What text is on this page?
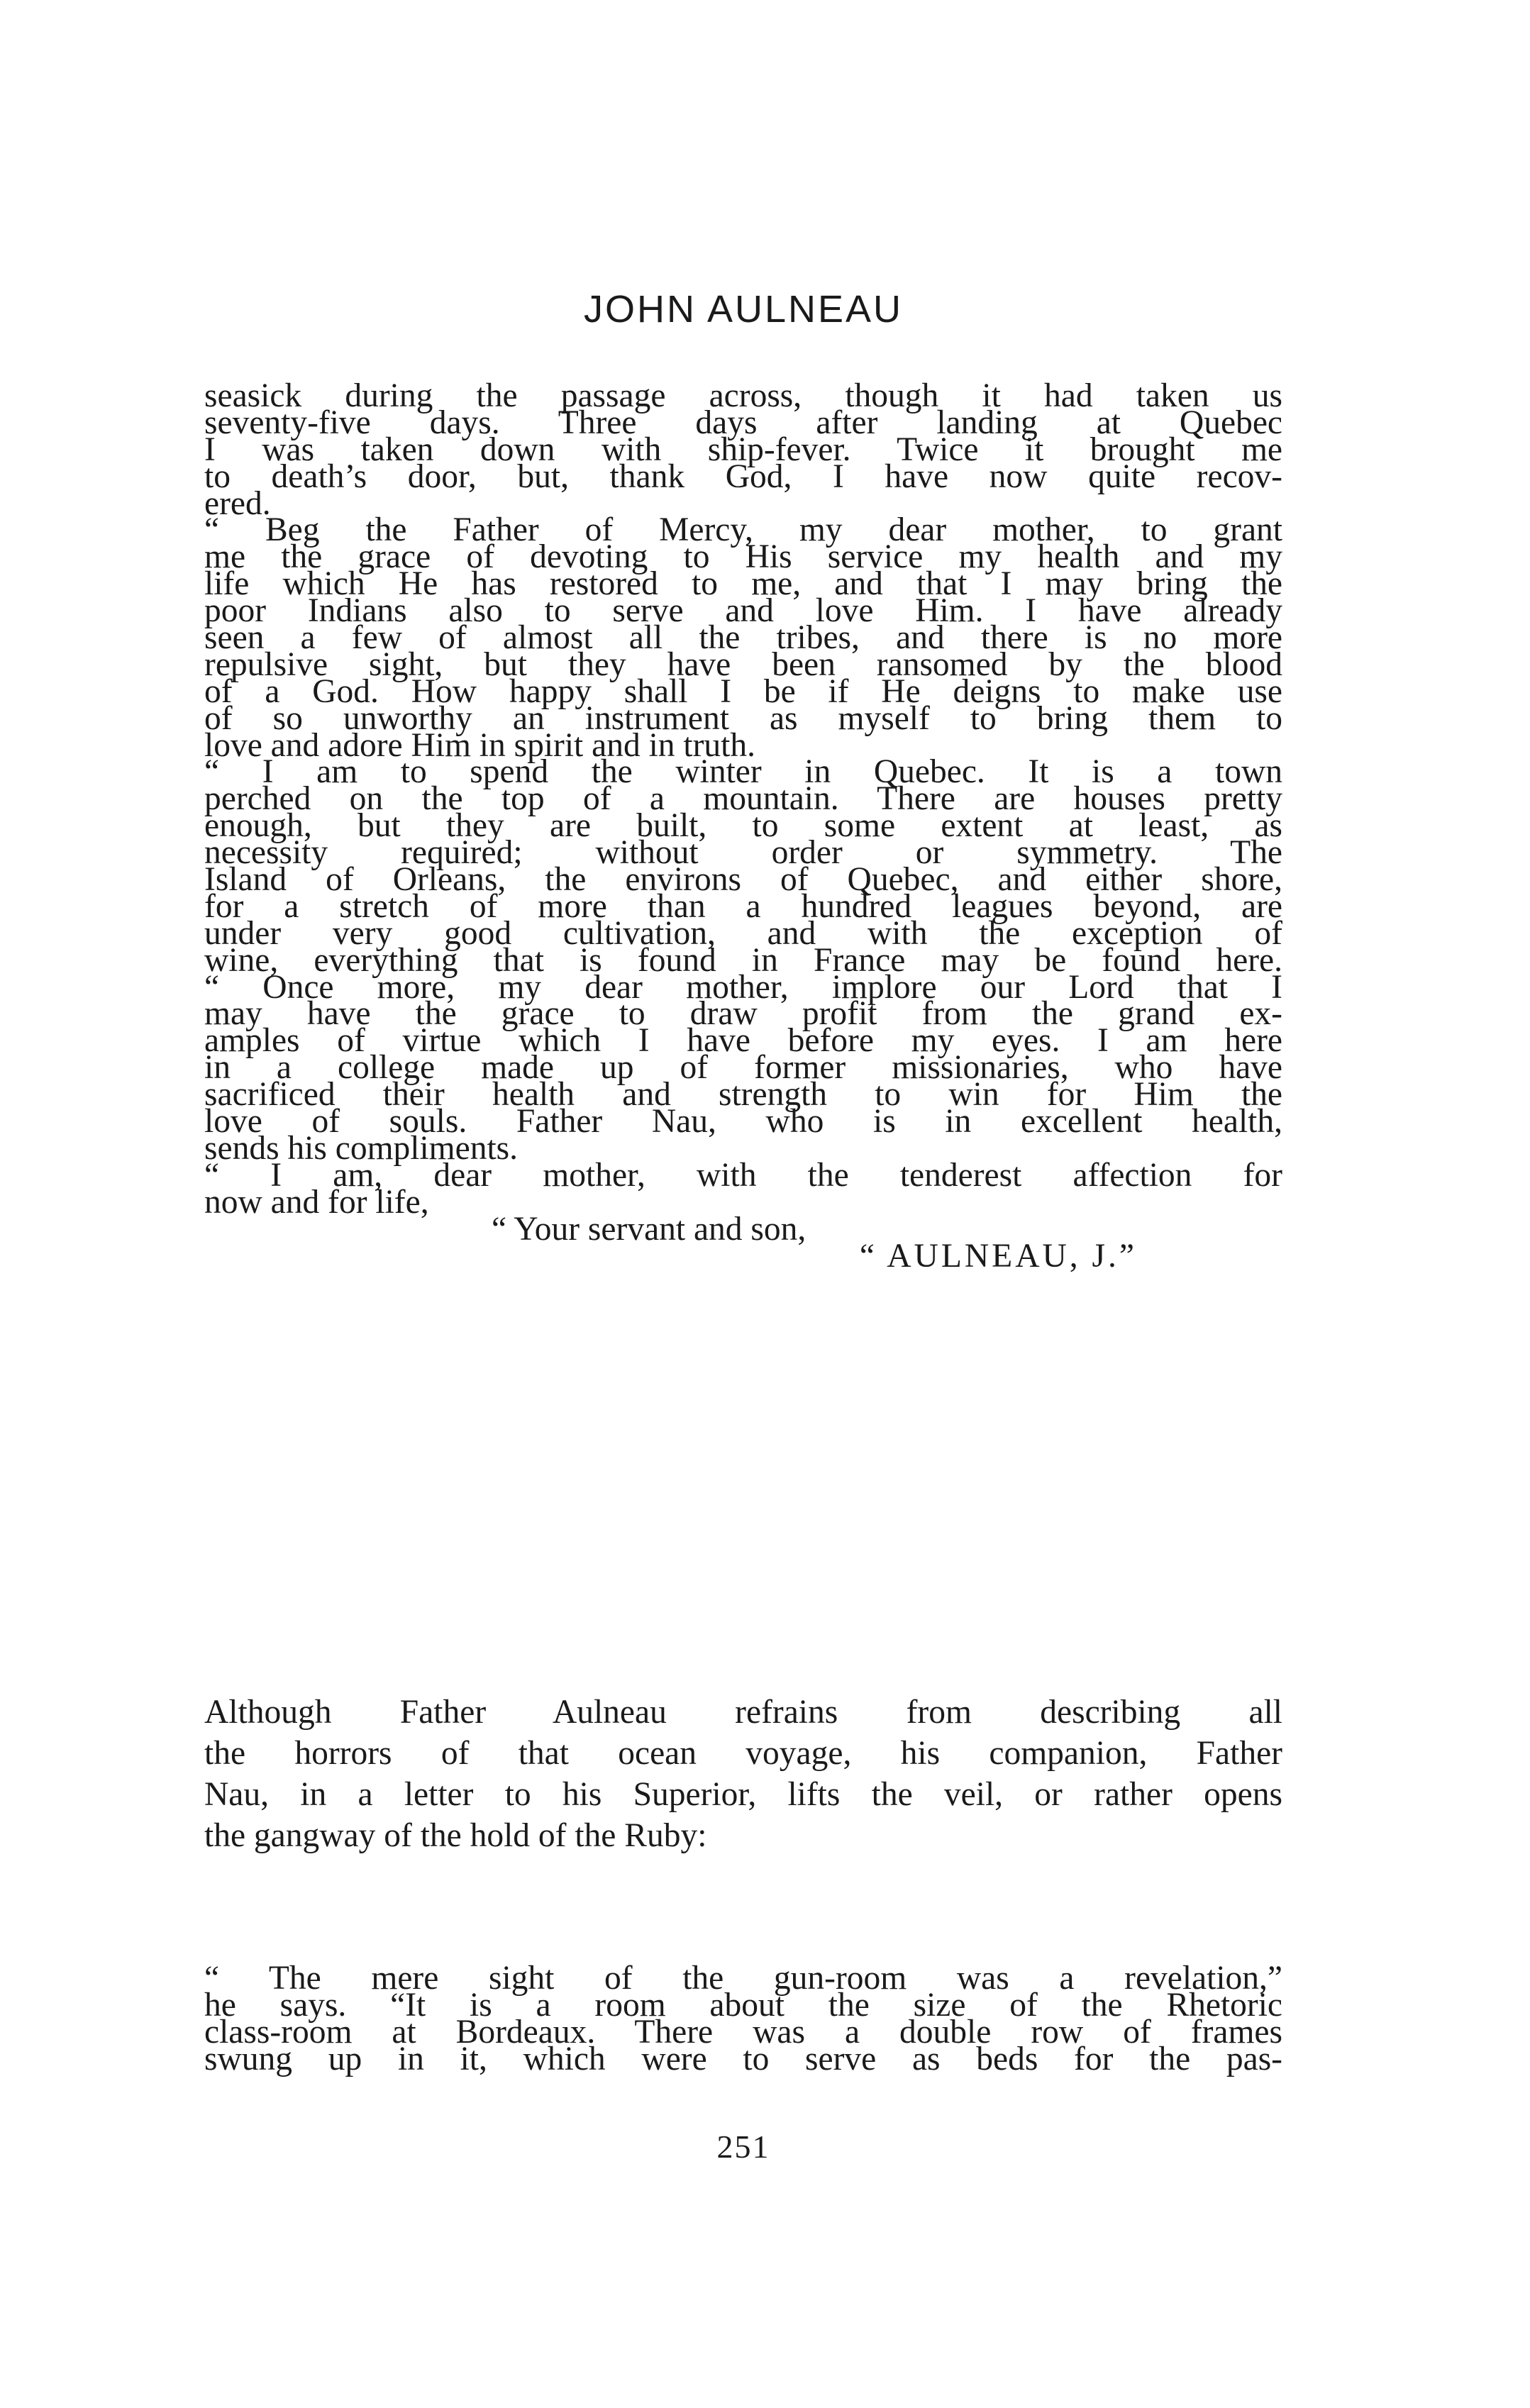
JOHN AULNEAU
seasick during the passage across, though it had taken us
seventy-five days. Three days after landing at Quebec
I was taken down with ship-fever. Twice it brought me
to death’s door, but, thank God, I have now quite recov-
ered.
“ Beg the Father of Mercy, my dear mother, to grant
me the grace of devoting to His service my health and my
life which He has restored to me, and that I may bring the
poor Indians also to serve and love Him. I have already
seen a few of almost all the tribes, and there is no more
repulsive sight, but they have been ransomed by the blood
of a God. How happy shall I be if He deigns to make use
of so unworthy an instrument as myself to bring them to
love and adore Him in spirit and in truth.
“ I am to spend the winter in Quebec. It is a town
perched on the top of a mountain. There are houses pretty
enough, but they are built, to some extent at least, as
necessity required; without order or symmetry. The
Island of Orleans, the environs of Quebec, and either shore,
for a stretch of more than a hundred leagues beyond, are
under very good cultivation, and with the exception of
wine, everything that is found in France may be found here.
“ Once more, my dear mother, implore our Lord that I
may have the grace to draw profit from the grand ex-
amples of virtue which I have before my eyes. I am here
in a college made up of former missionaries, who have
sacrificed their health and strength to win for Him the
love of souls. Father Nau, who is in excellent health,
sends his compliments.
“ I am, dear mother, with the tenderest affection for
now and for life,
“ Your servant and son,
“ AULNEAU, J.”
Although Father Aulneau refrains from describing all
the horrors of that ocean voyage, his companion, Father
Nau, in a letter to his Superior, lifts the veil, or rather opens
the gangway of the hold of the Ruby:
“ The mere sight of the gun-room was a revelation,”
he says. “It is a room about the size of the Rhetoric
class-room at Bordeaux. There was a double row of frames
swung up in it, which were to serve as beds for the pas-
251
